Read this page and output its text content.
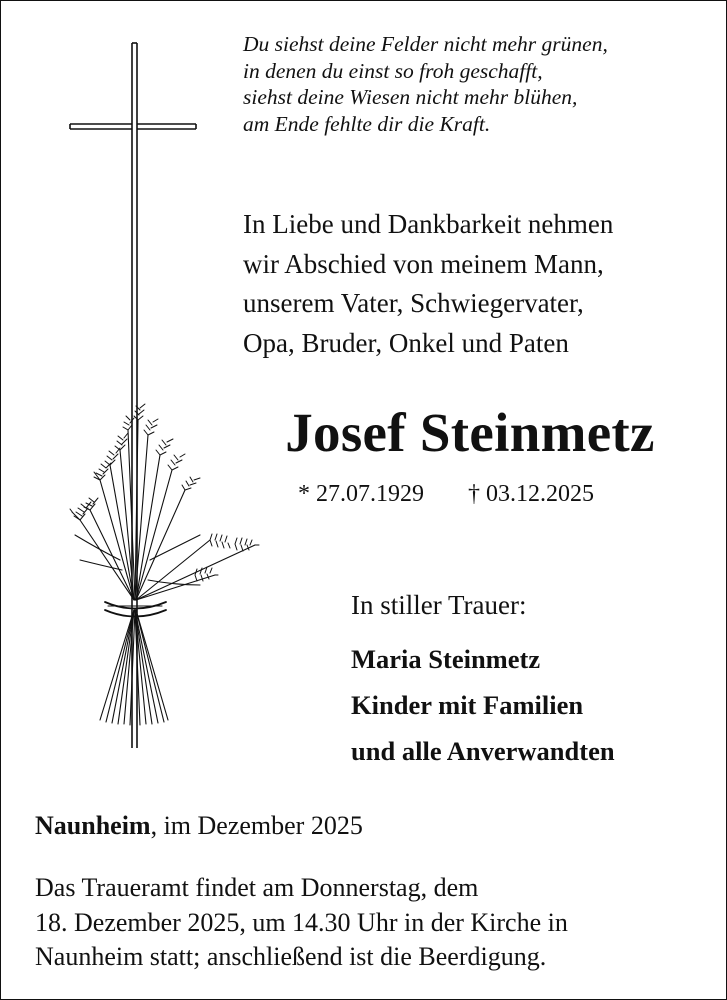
Du siehst deine Felder nicht mehr grünen,
in denen du einst so froh geschafft,
siehst deine Wiesen nicht mehr blühen,
am Ende fehlte dir die Kraft.
In Liebe und Dankbarkeit nehmen
wir Abschied von meinem Mann,
unserem Vater, Schwiegervater,
Opa, Bruder, Onkel und Paten
Josef Steinmetz
* 27.07.1929 † 03.12.2025
In stiller Trauer:
Maria Steinmetz
Kinder mit Familien
und alle Anverwandten
Naunheim, im Dezember 2025
Das Traueramt findet am Donnerstag, dem
18. Dezember 2025, um 14.30 Uhr in der Kirche in
Naunheim statt; anschließend ist die Beerdigung.
